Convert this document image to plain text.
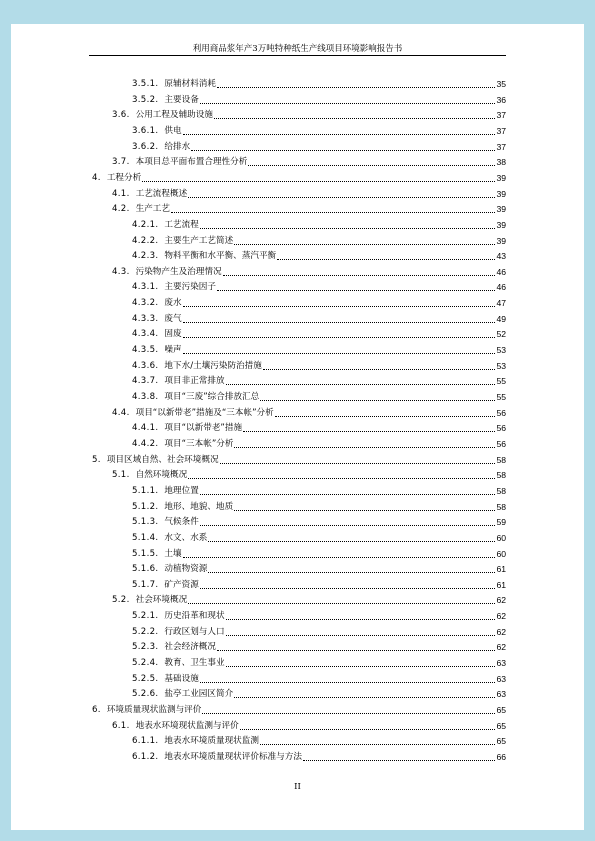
利用商品浆年产3万吨特种纸生产线项目环境影响报告书
3.5.1. 原辅材料消耗	35
3.5.2. 主要设备	36
3.6. 公用工程及辅助设施	37
3.6.1. 供电	37
3.6.2. 给排水	37
3.7. 本项目总平面布置合理性分析	38
4. 工程分析	39
4.1. 工艺流程概述	39
4.2. 生产工艺	39
4.2.1. 工艺流程	39
4.2.2. 主要生产工艺简述	39
4.2.3. 物料平衡和水平衡、蒸汽平衡	43
4.3. 污染物产生及治理情况	46
4.3.1. 主要污染因子	46
4.3.2. 废水	47
4.3.3. 废气	49
4.3.4. 固废	52
4.3.5. 噪声	53
4.3.6. 地下水/土壤污染防治措施	53
4.3.7. 项目非正常排放	55
4.3.8. 项目“三废”综合排放汇总	55
4.4. 项目“以新带老”措施及“三本帐”分析	56
4.4.1. 项目“以新带老”措施	56
4.4.2. 项目“三本帐”分析	56
5. 项目区域自然、社会环境概况	58
5.1. 自然环境概况	58
5.1.1. 地理位置	58
5.1.2. 地形、地貌、地质	58
5.1.3. 气候条件	59
5.1.4. 水文、水系	60
5.1.5. 土壤	60
5.1.6. 动植物资源	61
5.1.7. 矿产资源	61
5.2. 社会环境概况	62
5.2.1. 历史沿革和现状	62
5.2.2. 行政区划与人口	62
5.2.3. 社会经济概况	62
5.2.4. 教育、卫生事业	63
5.2.5. 基础设施	63
5.2.6. 盐亭工业园区简介	63
6. 环境质量现状监测与评价	65
6.1. 地表水环境现状监测与评价	65
6.1.1. 地表水环境质量现状监测	65
6.1.2. 地表水环境质量现状评价标准与方法	66
II
